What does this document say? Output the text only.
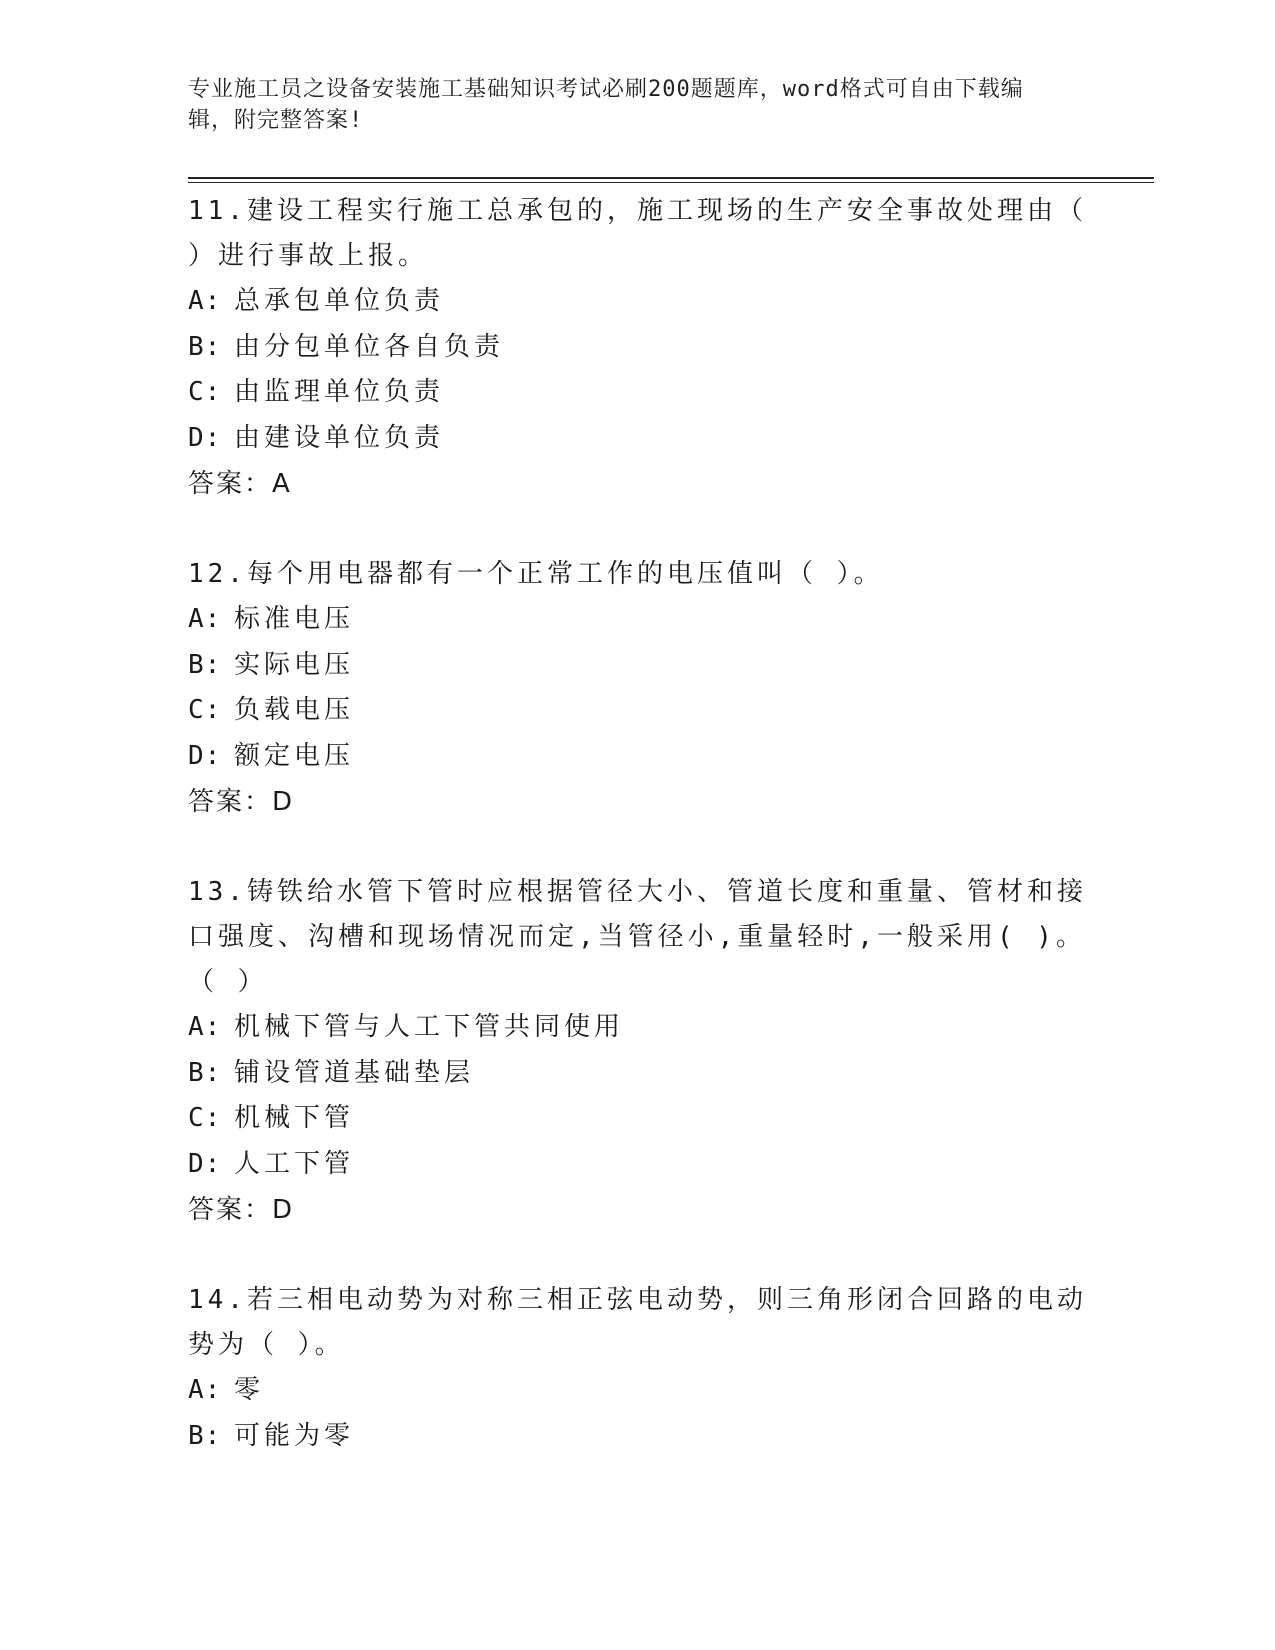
专业施工员之设备安装施工基础知识考试必刷200题题库，word格式可自由下载编辑，附完整答案!
11.建设工程实行施工总承包的，施工现场的生产安全事故处理由（ ）进行事故上报。
A: 总承包单位负责
B: 由分包单位各自负责
C: 由监理单位负责
D: 由建设单位负责
答案：A
12.每个用电器都有一个正常工作的电压值叫（ ）。
A: 标准电压
B: 实际电压
C: 负载电压
D: 额定电压
答案：D
13.铸铁给水管下管时应根据管径大小、管道长度和重量、管材和接口强度、沟槽和现场情况而定,当管径小,重量轻时,一般采用( )。（ ）
A: 机械下管与人工下管共同使用
B: 铺设管道基础垫层
C: 机械下管
D: 人工下管
答案：D
14.若三相电动势为对称三相正弦电动势，则三角形闭合回路的电动势为（ ）。
A: 零
B: 可能为零
